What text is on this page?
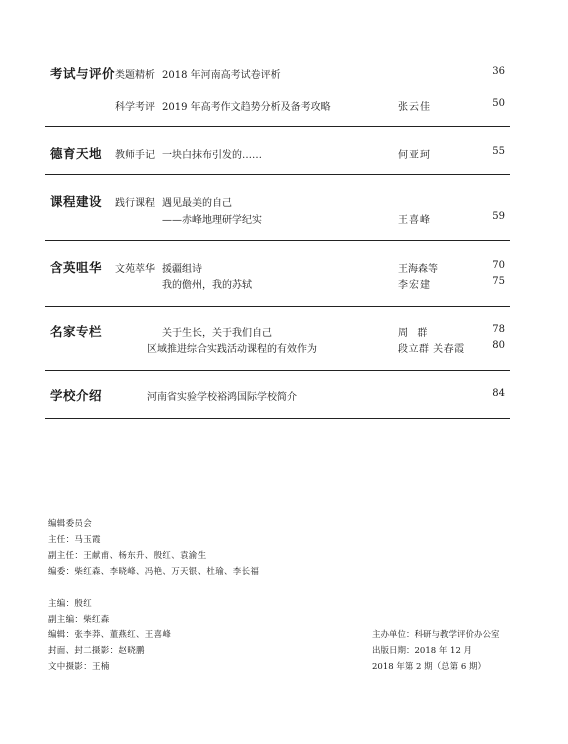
考试与评价 类题精析 2018 年河南高考试卷评析	36
科学考评 2019 年高考作文趋势分析及备考攻略	张云佳	50
德育天地 教师手记 一块白抹布引发的……	何亚珂	55
课程建设 践行课程 遇见最美的自己
——赤峰地理研学纪实	王喜峰	59
含英咀华 文苑萃华 援疆组诗	王海森等	70
我的儋州，我的苏轼	李宏建	75
名家专栏	关于生长，关于我们自己	周  群	78
区域推进综合实践活动课程的有效作为	段立群 关春霞	80
学校介绍	河南省实验学校裕鸿国际学校简介	84
编辑委员会
主任：马玉霞
副主任：王献甫、杨东升、殷红、袁渝生
编委：柴红森、李晓峰、冯艳、万天银、杜瑜、李长福
主编：殷红
副主编：柴红森
编辑：张李莽、董燕红、王喜峰
封面、封二摄影：赵晓鹏
文中摄影：王楠
主办单位：科研与教学评价办公室
出版日期：2018 年 12 月
2018 年第 2 期（总第 6 期）
